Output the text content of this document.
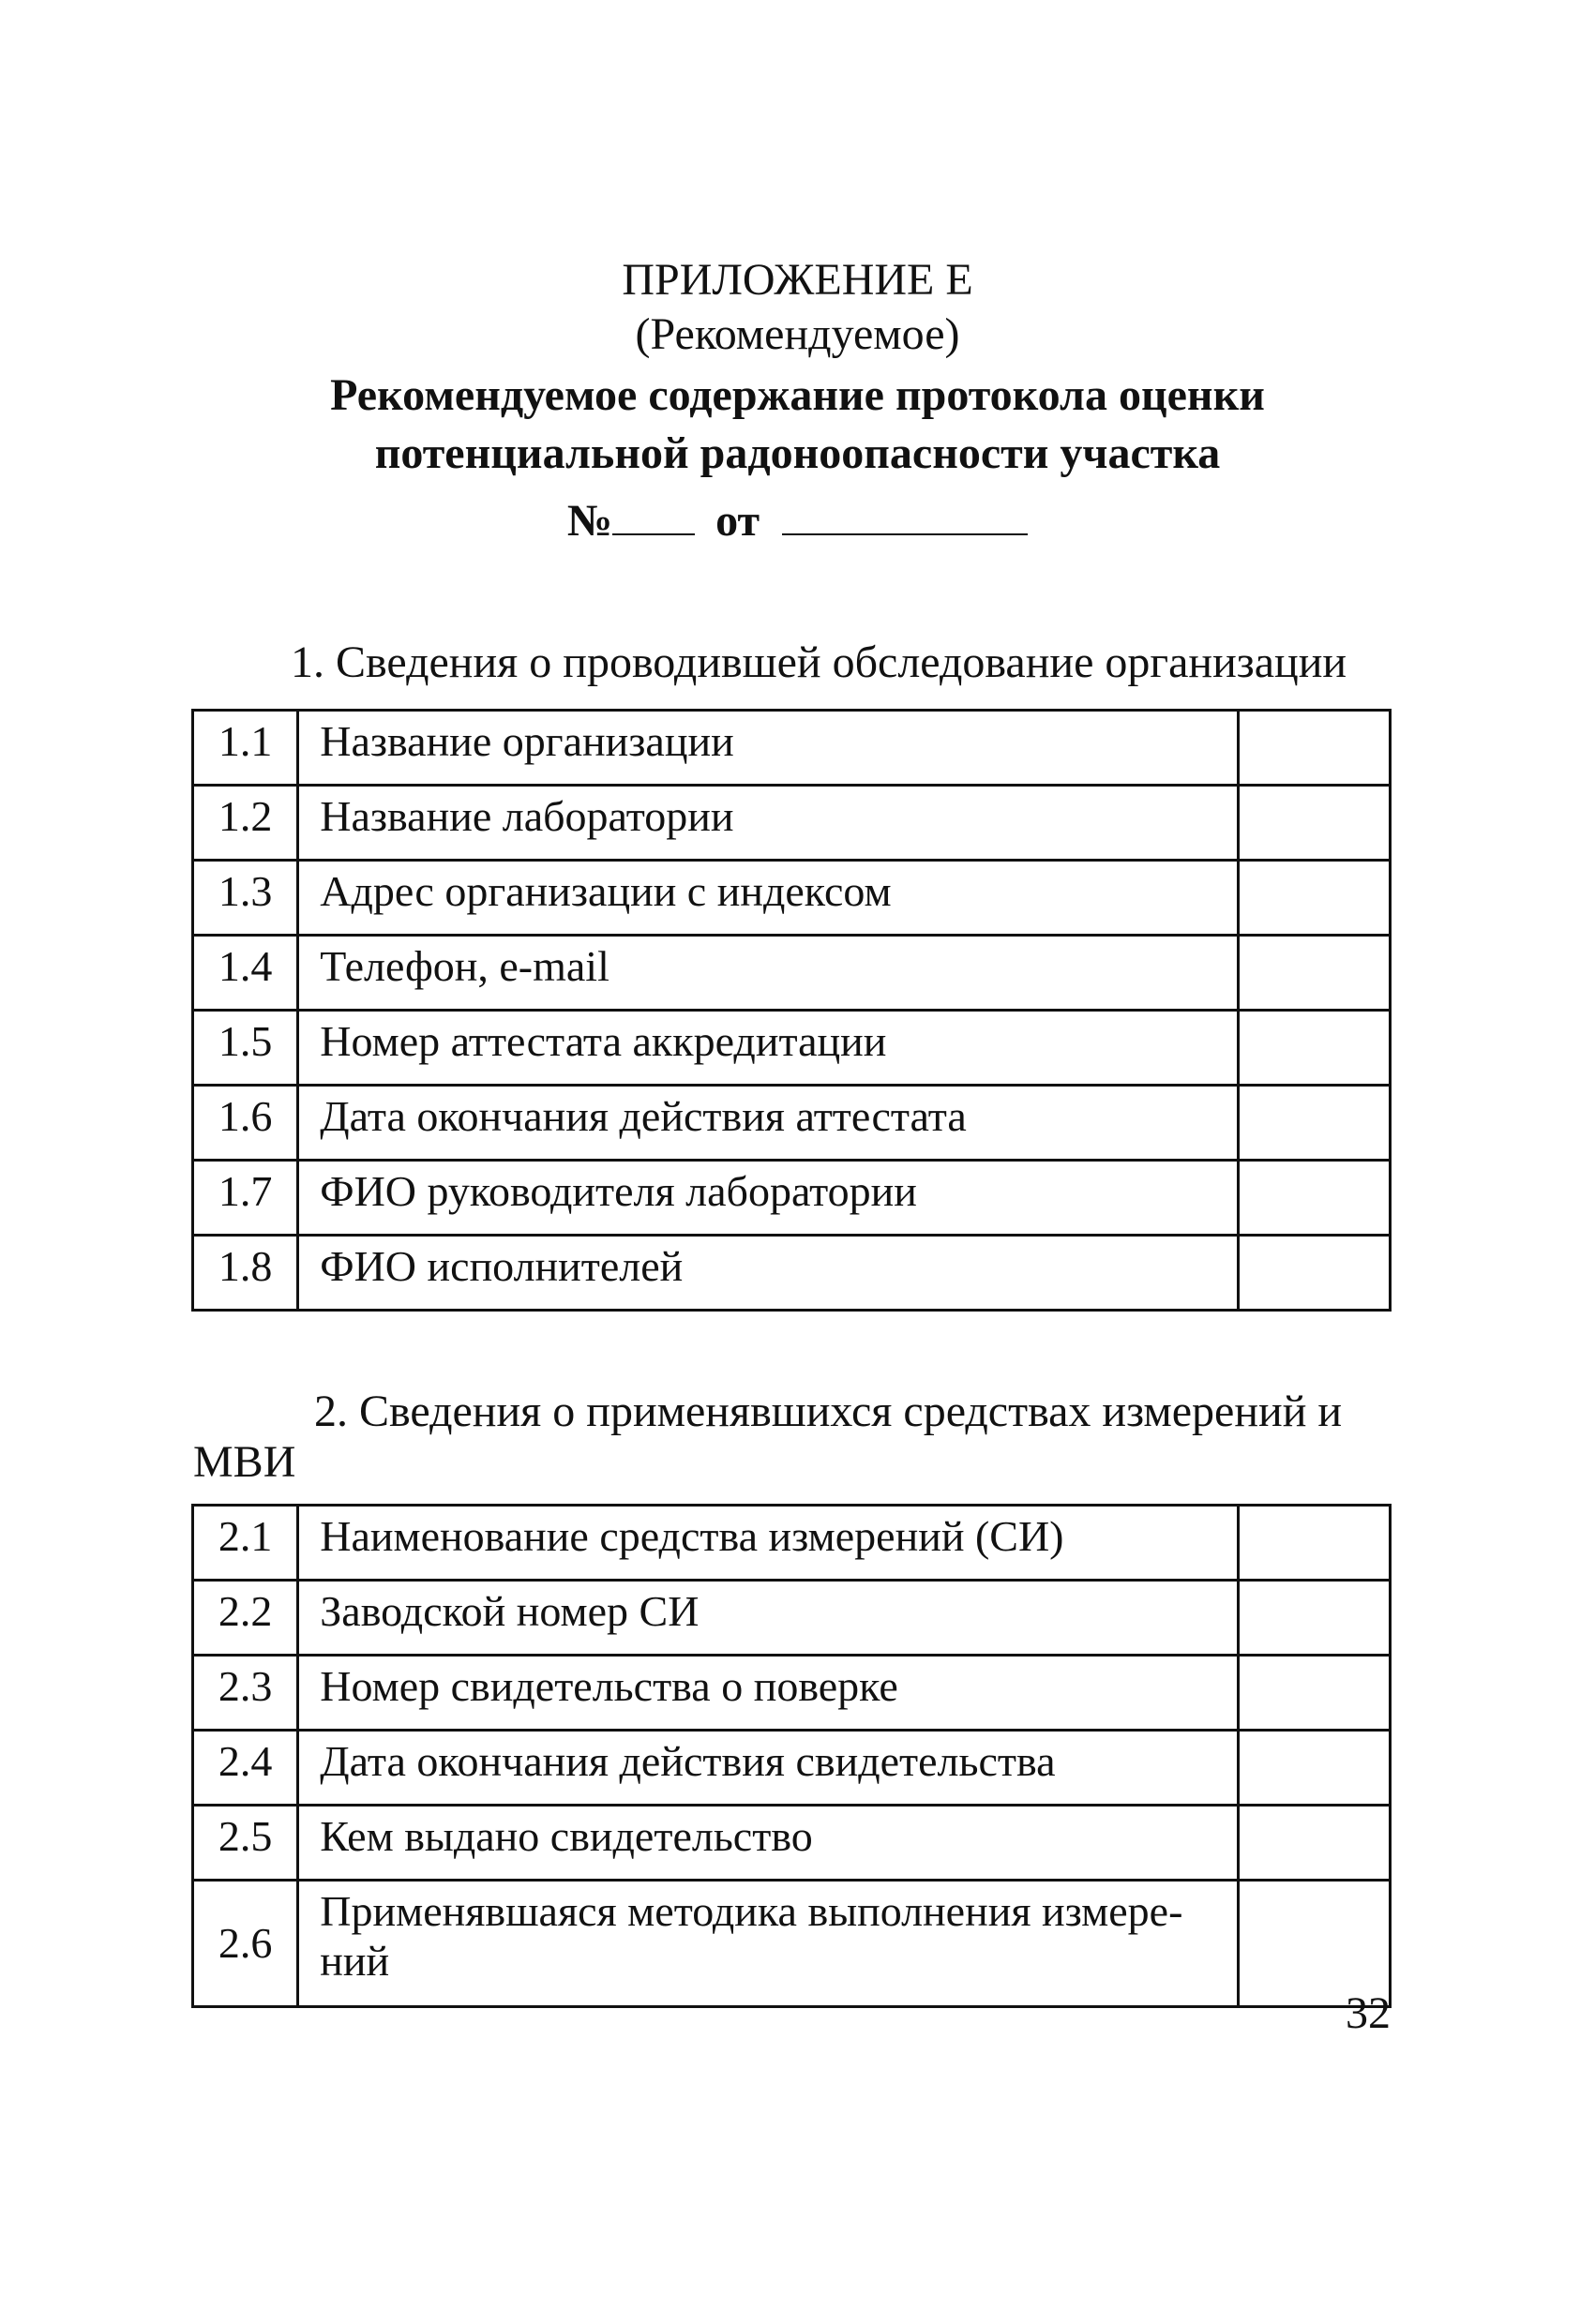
ПРИЛОЖЕНИЕ Е
(Рекомендуемое)
Рекомендуемое содержание протокола оценки
потенциальной радоноопасности участка
№ от
1. Сведения о проводившей обследование организации
1.1	Название организации	
1.2	Название лаборатории	
1.3	Адрес организации с индексом	
1.4	Телефон, e-mail	
1.5	Номер аттестата аккредитации	
1.6	Дата окончания действия аттестата	
1.7	ФИО руководителя лаборатории	
1.8	ФИО исполнителей	
2. Сведения о применявшихся средствах измерений и
МВИ
2.1	Наименование средства измерений (СИ)	
2.2	Заводской номер СИ	
2.3	Номер свидетельства о поверке	
2.4	Дата окончания действия свидетельства	
2.5	Кем выдано свидетельство	
2.6	Применявшаяся методика выполнения измере-
ний	

32
